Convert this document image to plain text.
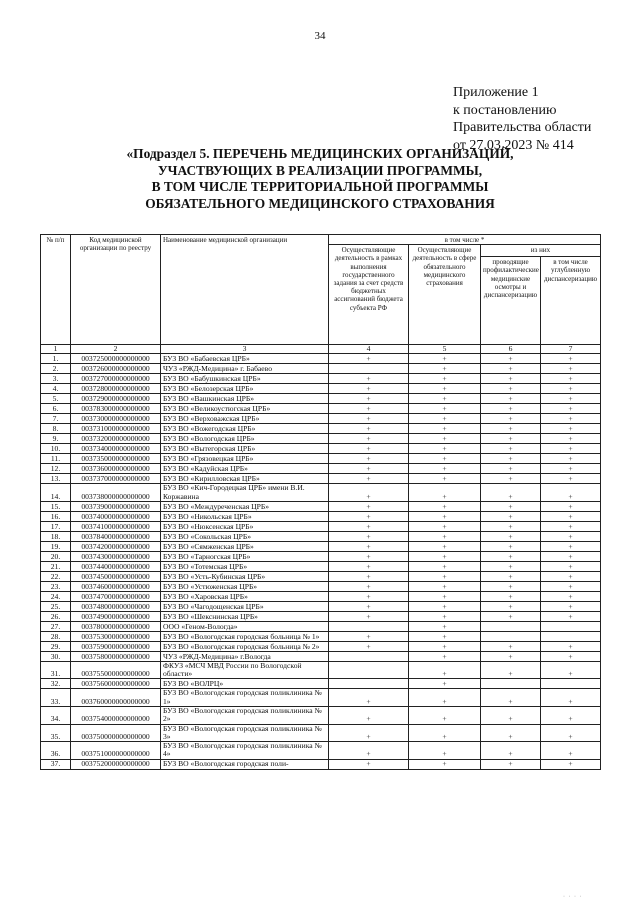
34
Приложение 1
к постановлению
Правительства области
от 27.03.2023 № 414
«Подраздел 5. ПЕРЕЧЕНЬ МЕДИЦИНСКИХ ОРГАНИЗАЦИЙ,
УЧАСТВУЮЩИХ В РЕАЛИЗАЦИИ ПРОГРАММЫ,
В ТОМ ЧИСЛЕ ТЕРРИТОРИАЛЬНОЙ ПРОГРАММЫ
ОБЯЗАТЕЛЬНОГО МЕДИЦИНСКОГО СТРАХОВАНИЯ
№ п/п	Код медицинской организации по реестру	Наименование медицинской организации	в том числе *			
			Осуществляющие деятельность в рамках выполнения государственного задания за счет средств бюджетных ассигнований бюджета субъекта РФ	Осуществляющие деятельность в сфере обязательного медицинского страхования	из них	
					проводящие профилактические медицинские осмотры и диспансеризацию	в том числе углубленную диспансеризацию
1	2	3	4	5	6	7
1.	003725000000000000	БУЗ ВО «Бабаевская ЦРБ»	+	+	+	+
2.	003726000000000000	ЧУЗ «РЖД-Медицина» г. Бабаево		+	+	+
3.	003727000000000000	БУЗ ВО «Бабушкинская ЦРБ»	+	+	+	+
4.	003728000000000000	БУЗ ВО «Белозерская ЦРБ»	+	+	+	+
5.	003729000000000000	БУЗ ВО «Вашкинская ЦРБ»	+	+	+	+
6.	003783000000000000	БУЗ ВО «Великоустюгская ЦРБ»	+	+	+	+
7.	003730000000000000	БУЗ ВО «Верховажская ЦРБ»	+	+	+	+
8.	003731000000000000	БУЗ ВО «Вожегодская ЦРБ»	+	+	+	+
9.	003732000000000000	БУЗ ВО «Вологодская ЦРБ»	+	+	+	+
10.	003734000000000000	БУЗ ВО «Вытегорская ЦРБ»	+	+	+	+
11.	003735000000000000	БУЗ ВО «Грязовецкая ЦРБ»	+	+	+	+
12.	003736000000000000	БУЗ ВО «Кадуйская ЦРБ»	+	+	+	+
13.	003737000000000000	БУЗ ВО «Кирилловская ЦРБ»	+	+	+	+
14.	003738000000000000	БУЗ ВО «Кич-Городецкая ЦРБ» имени В.И. Коржавина	+	+	+	+
15.	003739000000000000	БУЗ ВО «Междуреченская ЦРБ»	+	+	+	+
16.	003740000000000000	БУЗ ВО «Никольская ЦРБ»	+	+	+	+
17.	003741000000000000	БУЗ ВО «Нюксенская ЦРБ»	+	+	+	+
18.	003784000000000000	БУЗ ВО «Сокольская ЦРБ»	+	+	+	+
19.	003742000000000000	БУЗ ВО «Сямженская ЦРБ»	+	+	+	+
20.	003743000000000000	БУЗ ВО «Тарногская ЦРБ»	+	+	+	+
21.	003744000000000000	БУЗ ВО «Тотемская ЦРБ»	+	+	+	+
22.	003745000000000000	БУЗ ВО «Усть-Кубинская ЦРБ»	+	+	+	+
23.	003746000000000000	БУЗ ВО «Устюженская ЦРБ»	+	+	+	+
24.	003747000000000000	БУЗ ВО «Харовская ЦРБ»	+	+	+	+
25.	003748000000000000	БУЗ ВО «Чагодощенская ЦРБ»	+	+	+	+
26.	003749000000000000	БУЗ ВО «Шекснинская ЦРБ»	+	+	+	+
27.	003780000000000000	ООО «Геном-Вологда»		+		
28.	003753000000000000	БУЗ ВО «Вологодская городская больница № 1»	+	+		
29.	003759000000000000	БУЗ ВО «Вологодская городская больница № 2»	+	+	+	+
30.	003758000000000000	ЧУЗ «РЖД-Медицина» г.Вологда		+	+	+
31.	003755000000000000	ФКУЗ «МСЧ МВД России по Вологодской области»		+	+	+
32.	003756000000000000	БУЗ ВО «ВОЛРЦ»		+		
33.	003760000000000000	БУЗ ВО «Вологодская городская поликлиника № 1»	+	+	+	+
34.	003754000000000000	БУЗ ВО «Вологодская городская поликлиника № 2»	+	+	+	+
35.	003750000000000000	БУЗ ВО «Вологодская городская поликлиника № 3»	+	+	+	+
36.	003751000000000000	БУЗ ВО «Вологодская городская поликлиника № 4»	+	+	+	+
37.	003752000000000000	БУЗ ВО «Вологодская городская поли-	+	+	+	+
· · · ·
